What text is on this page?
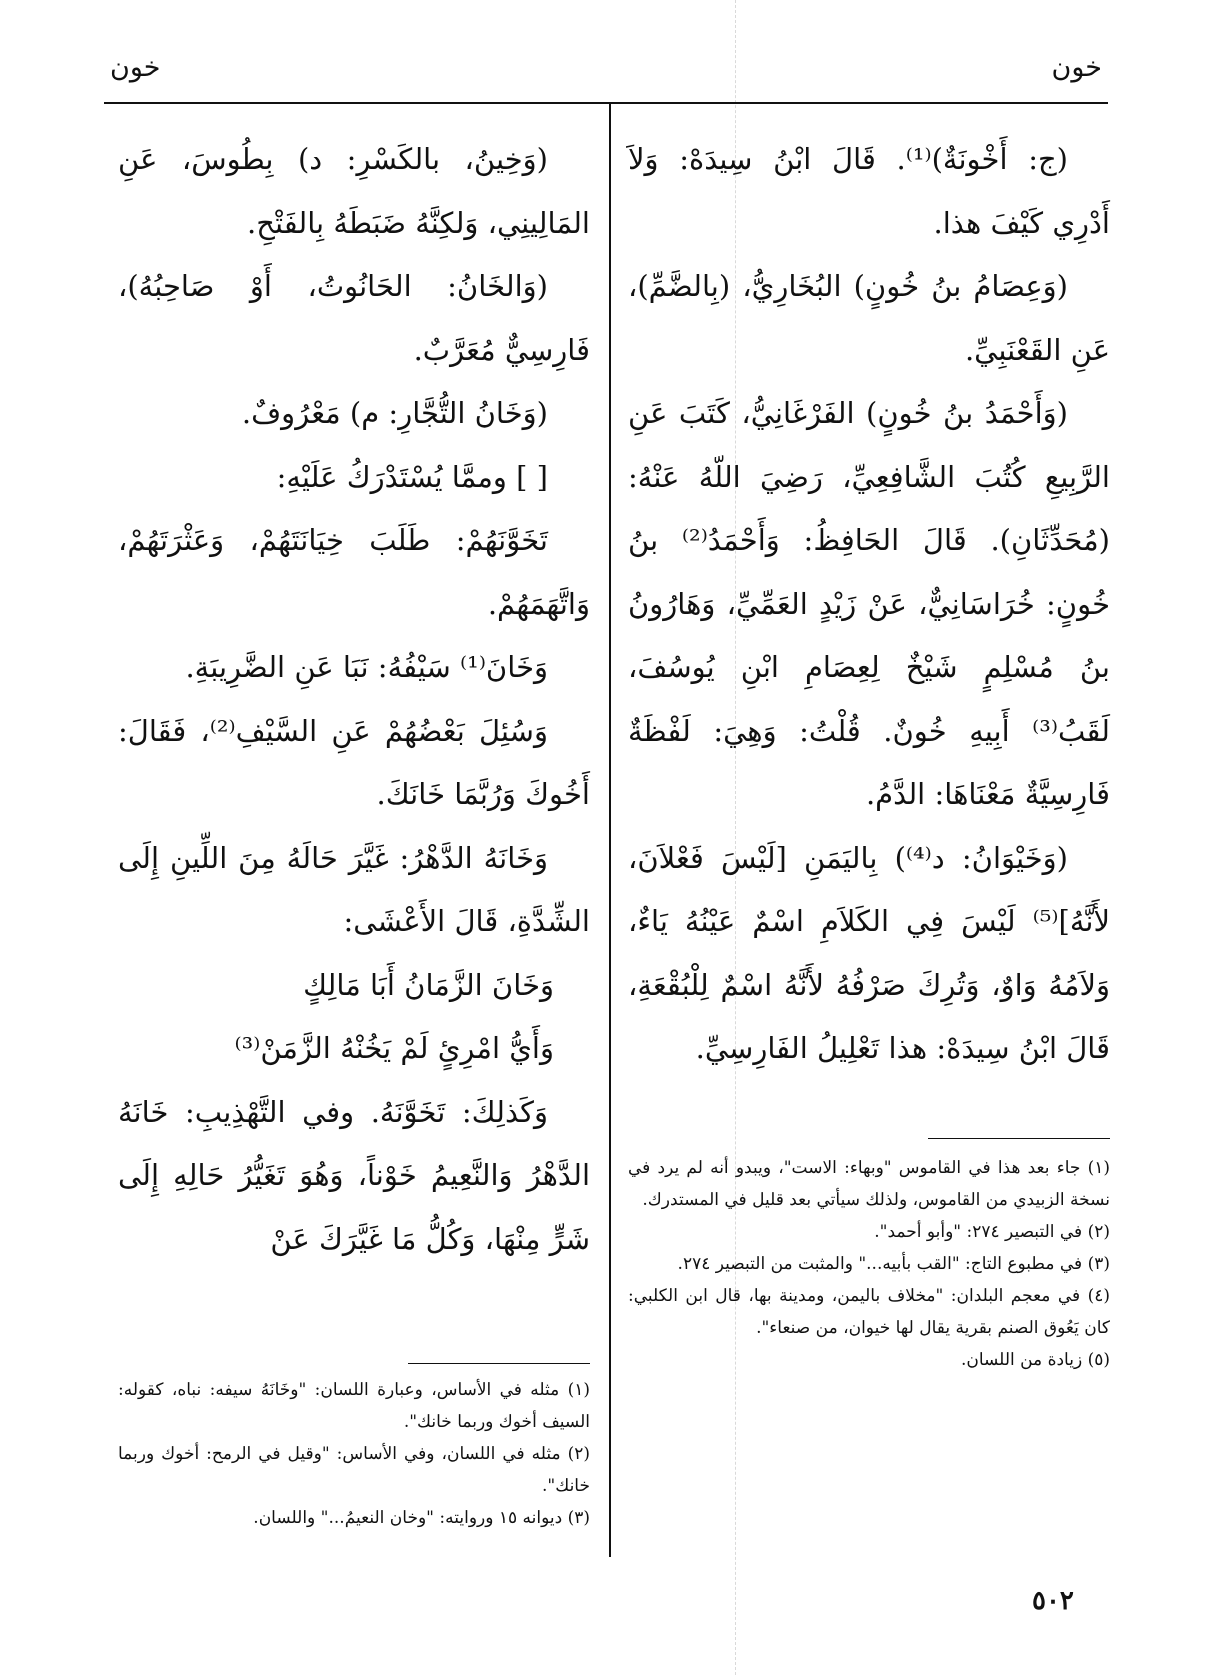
خون
خون

(ج: أَخْونَةٌ)⁽¹⁾. قَالَ ابْنُ سِيدَهْ: وَلاَ أَدْرِي كَيْفَ هذا.

(وَعِصَامُ بنُ خُونٍ) البُخَارِيُّ، (بِالضَّمِّ)، عَنِ القَعْنَبِيِّ.

(وَأَحْمَدُ بنُ خُونٍ) الفَرْغَانِيُّ، كَتَبَ عَنِ الرَّبِيعِ كُتُبَ الشَّافِعِيِّ، رَضِيَ اللّهُ عَنْهُ: (مُحَدِّثَانِ). قَالَ الحَافِظُ: وَأَحْمَدُ⁽²⁾ بنُ خُونٍ: خُرَاسَانِيٌّ، عَنْ زَيْدٍ العَمِّيِّ، وَهَارُونُ بنُ مُسْلِمٍ شَيْخٌ لِعِصَامِ ابْنِ يُوسُفَ، لَقَبُ⁽³⁾ أَبِيهِ خُونٌ. قُلْتُ: وَهِيَ: لَفْظَةٌ فَارِسِيَّةٌ مَعْنَاهَا: الدَّمُ.

(وَخَيْوَانُ: د⁽⁴⁾) بِاليَمَنِ [لَيْسَ فَعْلاَنَ، لأَنَّهُ]⁽⁵⁾ لَيْسَ فِي الكَلاَمِ اسْمٌ عَيْنُهُ يَاءٌ، وَلاَمُهُ وَاوٌ، وَتُرِكَ صَرْفُهُ لأَنَّهُ اسْمٌ لِلْبُقْعَةِ، قَالَ ابْنُ سِيدَهْ: هذا تَعْلِيلُ الفَارِسِيِّ.

(١) جاء بعد هذا في القاموس "وبهاء: الاست"، ويبدو أنه لم يرد في نسخة الزبيدي من القاموس، ولذلك سيأتي بعد قليل في المستدرك.

(٢) في التبصير ٢٧٤: "وأبو أحمد".

(٣) في مطبوع التاج: "القب بأبيه..." والمثبت من التبصير ٢٧٤.

(٤) في معجم البلدان: "مخلاف باليمن، ومدينة بها، قال ابن الكلبي: كان يَعُوق الصنم بقرية يقال لها خيوان، من صنعاء".

(٥) زيادة من اللسان.

(وَخِينُ، بالكَسْرِ: د) بِطُوسَ، عَنِ المَالِينِي، وَلكِنَّهُ ضَبَطَهُ بِالفَتْحِ.

(وَالخَانُ: الحَانُوتُ، أَوْ صَاحِبُهُ)، فَارِسِيٌّ مُعَرَّبٌ.

(وَخَانُ التُّجَّارِ: م) مَعْرُوفٌ.

[ ] وممَّا يُسْتَدْرَكُ عَلَيْهِ:

تَخَوَّنَهُمْ: طَلَبَ خِيَانَتَهُمْ، وَعَثْرَتَهُمْ، وَاتَّهَمَهُمْ.

وَخَانَ⁽¹⁾ سَيْفُهُ: نَبَا عَنِ الضَّرِيبَةِ.

وَسُئِلَ بَعْضُهُمْ عَنِ السَّيْفِ⁽²⁾، فَقَالَ: أَخُوكَ وَرُبَّمَا خَانَكَ.

وَخَانَهُ الدَّهْرُ: غَيَّرَ حَالَهُ مِنَ اللِّينِ إِلَى الشِّدَّةِ، قَالَ الأَعْشَى:

وَخَانَ الزَّمَانُ أَبَا مَالِكٍ

وَأَيُّ امْرِئٍ لَمْ يَخُنْهُ الزَّمَنْ⁽³⁾

وَكَذلِكَ: تَخَوَّنَهُ. وفي التَّهْذِيبِ: خَانَهُ الدَّهْرُ وَالنَّعِيمُ خَوْناً، وَهُوَ تَغَيُّرُ حَالِهِ إِلَى شَرٍّ مِنْهَا، وَكُلُّ مَا غَيَّرَكَ عَنْ

(١) مثله في الأساس، وعبارة اللسان: "وخَانَهُ سيفه: نباه، كقوله: السيف أخوك وربما خانك".

(٢) مثله في اللسان، وفي الأساس: "وقيل في الرمح: أخوك وربما خانك".

(٣) ديوانه ١٥ وروايته: "وخان النعيمُ..." واللسان.

٥٠٢
